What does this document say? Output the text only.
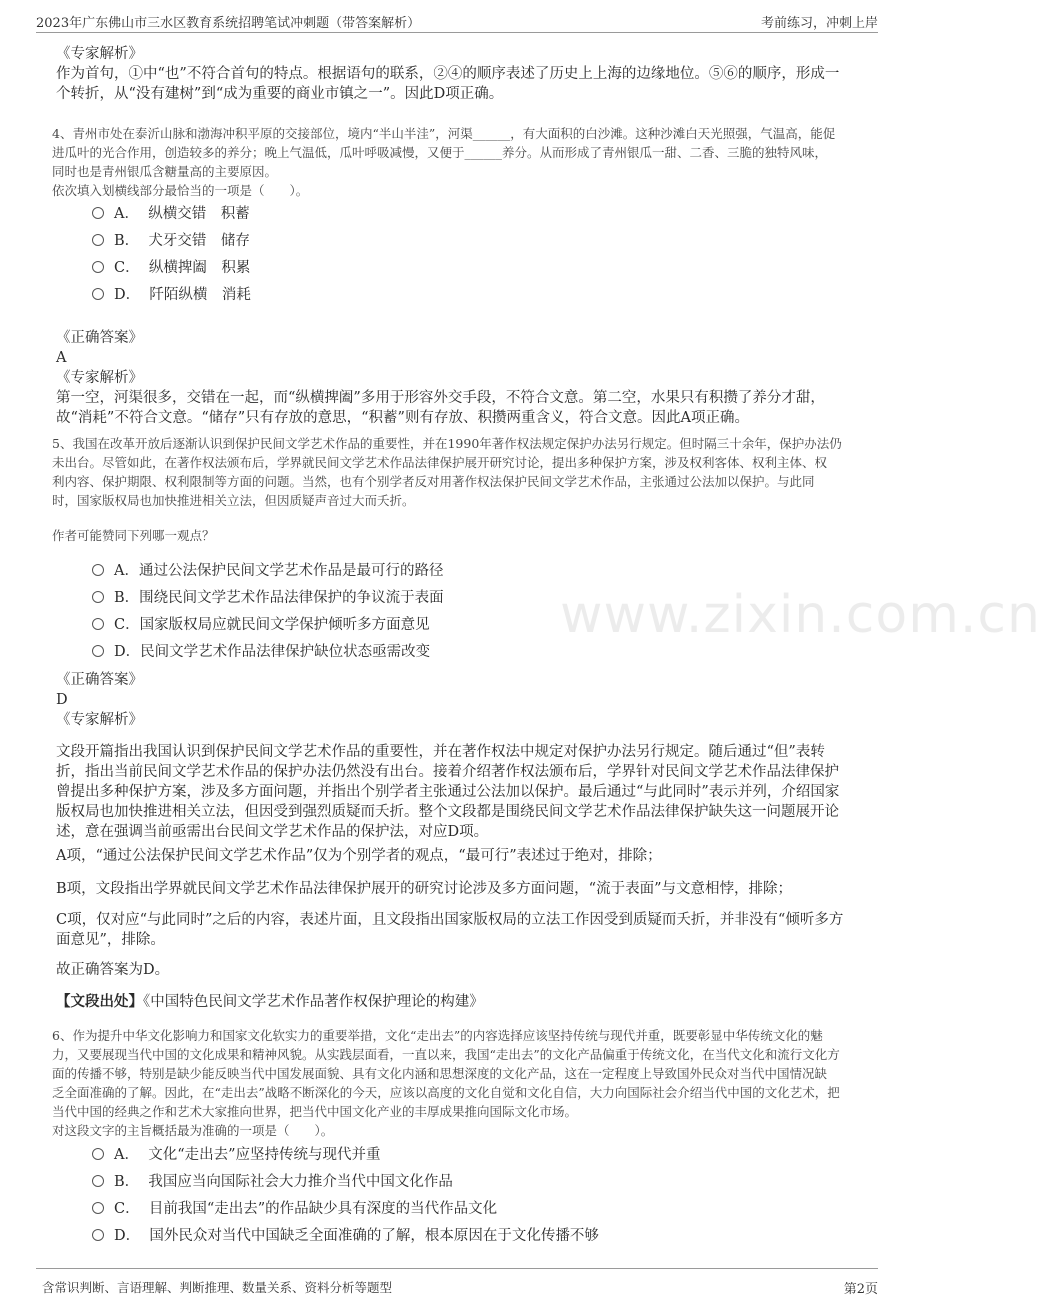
2023年广东佛山市三水区教育系统招聘笔试冲刺题（带答案解析）	考前练习，冲刺上岸
www.zixin.com.cn
《专家解析》
作为首句，①中“也”不符合首句的特点。根据语句的联系，②④的顺序表述了历史上上海的边缘地位。⑤⑥的顺序，形成一
个转折，从“没有建树”到“成为重要的商业市镇之一”。因此D项正确。
4、青州市处在泰沂山脉和渤海冲积平原的交接部位，境内“半山半洼”，河渠______，有大面积的白沙滩。这种沙滩白天光照强，气温高，能促
进瓜叶的光合作用，创造较多的养分；晚上气温低，瓜叶呼吸减慢，又便于______养分。从而形成了青州银瓜一甜、二香、三脆的独特风味，
同时也是青州银瓜含糖量高的主要原因。
依次填入划横线部分最恰当的一项是（　　）。
A． 纵横交错　积蓄
B． 犬牙交错　储存
C． 纵横捭阖　积累
D． 阡陌纵横　消耗
《正确答案》
A
《专家解析》
第一空，河渠很多，交错在一起，而“纵横捭阖”多用于形容外交手段，不符合文意。第二空，水果只有积攒了养分才甜，
故“消耗”不符合文意。“储存”只有存放的意思，“积蓄”则有存放、积攒两重含义，符合文意。因此A项正确。
5、我国在改革开放后逐渐认识到保护民间文学艺术作品的重要性，并在1990年著作权法规定保护办法另行规定。但时隔三十余年，保护办法仍
未出台。尽管如此，在著作权法颁布后，学界就民间文学艺术作品法律保护展开研究讨论，提出多种保护方案，涉及权利客体、权利主体、权
利内容、保护期限、权利限制等方面的问题。当然，也有个别学者反对用著作权法保护民间文学艺术作品，主张通过公法加以保护。与此同
时，国家版权局也加快推进相关立法，但因质疑声音过大而夭折。
作者可能赞同下列哪一观点？
A．通过公法保护民间文学艺术作品是最可行的路径
B．围绕民间文学艺术作品法律保护的争议流于表面
C．国家版权局应就民间文学保护倾听多方面意见
D．民间文学艺术作品法律保护缺位状态亟需改变
《正确答案》
D
《专家解析》
文段开篇指出我国认识到保护民间文学艺术作品的重要性，并在著作权法中规定对保护办法另行规定。随后通过“但”表转
折，指出当前民间文学艺术作品的保护办法仍然没有出台。接着介绍著作权法颁布后，学界针对民间文学艺术作品法律保护
曾提出多种保护方案，涉及多方面问题，并指出个别学者主张通过公法加以保护。最后通过“与此同时”表示并列，介绍国家
版权局也加快推进相关立法，但因受到强烈质疑而夭折。整个文段都是围绕民间文学艺术作品法律保护缺失这一问题展开论
述，意在强调当前亟需出台民间文学艺术作品的保护法，对应D项。
A项，“通过公法保护民间文学艺术作品”仅为个别学者的观点，“最可行”表述过于绝对，排除；
B项，文段指出学界就民间文学艺术作品法律保护展开的研究讨论涉及多方面问题，“流于表面”与文意相悖，排除；
C项，仅对应“与此同时”之后的内容，表述片面，且文段指出国家版权局的立法工作因受到质疑而夭折，并非没有“倾听多方
面意见”，排除。
故正确答案为D。
【文段出处】《中国特色民间文学艺术作品著作权保护理论的构建》
6、作为提升中华文化影响力和国家文化软实力的重要举措，文化“走出去”的内容选择应该坚持传统与现代并重，既要彰显中华传统文化的魅
力，又要展现当代中国的文化成果和精神风貌。从实践层面看，一直以来，我国“走出去”的文化产品偏重于传统文化，在当代文化和流行文化方
面的传播不够，特别是缺少能反映当代中国发展面貌、具有文化内涵和思想深度的文化产品，这在一定程度上导致国外民众对当代中国情况缺
乏全面准确的了解。因此，在“走出去”战略不断深化的今天，应该以高度的文化自觉和文化自信，大力向国际社会介绍当代中国的文化艺术，把
当代中国的经典之作和艺术大家推向世界，把当代中国文化产业的丰厚成果推向国际文化市场。
对这段文字的主旨概括最为准确的一项是（　　）。
A． 文化“走出去”应坚持传统与现代并重
B． 我国应当向国际社会大力推介当代中国文化作品
C． 目前我国“走出去”的作品缺少具有深度的当代作品文化
D． 国外民众对当代中国缺乏全面准确的了解，根本原因在于文化传播不够
含常识判断、言语理解、判断推理、数量关系、资料分析等题型	第2页
